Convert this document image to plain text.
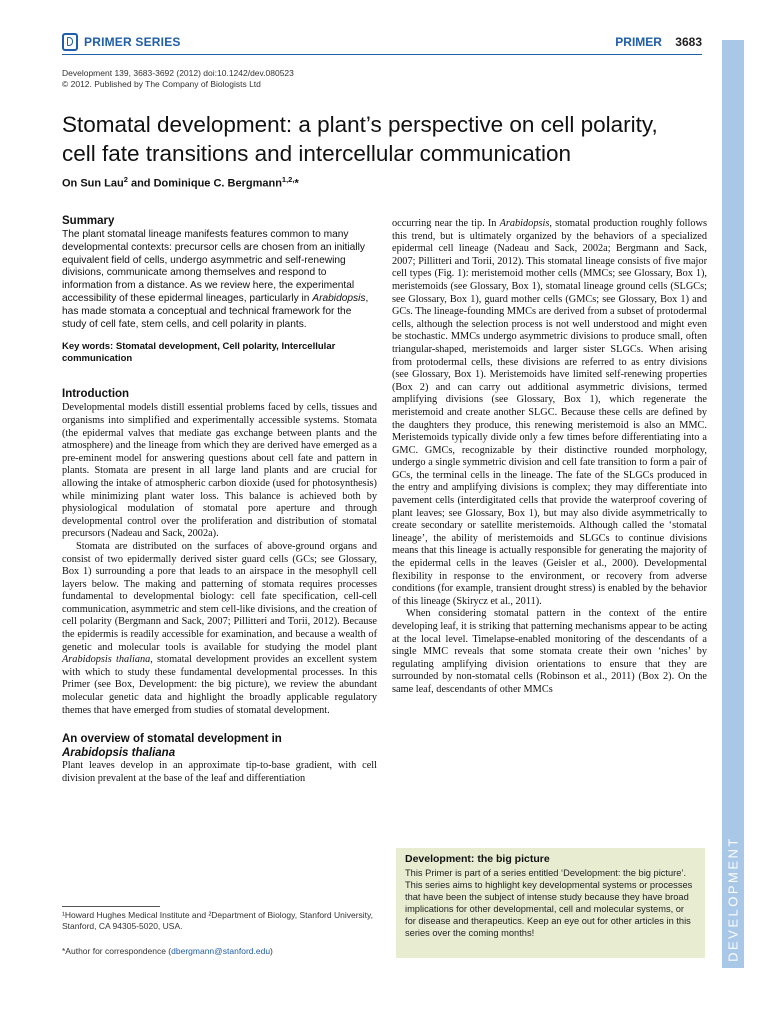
PRIMER SERIES	PRIMER 3683
Development 139, 3683-3692 (2012) doi:10.1242/dev.080523
© 2012. Published by The Company of Biologists Ltd
Stomatal development: a plant’s perspective on cell polarity,
cell fate transitions and intercellular communication
On Sun Lau$^2$ and Dominique C. Bergmann$^{1,2,}$*
Summary

The plant stomatal lineage manifests features common to many developmental contexts: precursor cells are chosen from an initially equivalent field of cells, undergo asymmetric and self-renewing divisions, communicate among themselves and respond to information from a distance. As we review here, the experimental accessibility of these epidermal lineages, particularly in Arabidopsis, has made stomata a conceptual and technical framework for the study of cell fate, stem cells, and cell polarity in plants.

Key words: Stomatal development, Cell polarity, Intercellular communication

Introduction

Developmental models distill essential problems faced by cells, tissues and organisms into simplified and experimentally accessible systems. Stomata (the epidermal valves that mediate gas exchange between plants and the atmosphere) and the lineage from which they are derived have emerged as a pre-eminent model for answering questions about cell fate and pattern in plants. Stomata are present in all large land plants and are crucial for allowing the intake of atmospheric carbon dioxide (used for photosynthesis) while minimizing plant water loss. This balance is achieved both by physiological modulation of stomatal pore aperture and through developmental control over the proliferation and distribution of stomatal precursors (Nadeau and Sack, 2002a).

Stomata are distributed on the surfaces of above-ground organs and consist of two epidermally derived sister guard cells (GCs; see Glossary, Box 1) surrounding a pore that leads to an airspace in the mesophyll cell layers below. The making and patterning of stomata requires processes fundamental to developmental biology: cell fate specification, cell-cell communication, asymmetric and stem cell-like divisions, and the creation of cell polarity (Bergmann and Sack, 2007; Pillitteri and Torii, 2012). Because the epidermis is readily accessible for examination, and because a wealth of genetic and molecular tools is available for studying the model plant Arabidopsis thaliana, stomatal development provides an excellent system with which to study these fundamental developmental processes. In this Primer (see Box, Development: the big picture), we review the abundant molecular genetic data and highlight the broadly applicable regulatory themes that have emerged from studies of stomatal development.

An overview of stomatal development in
Arabidopsis thaliana

Plant leaves develop in an approximate tip-to-base gradient, with cell division prevalent at the base of the leaf and differentiation

¹Howard Hughes Medical Institute and ²Department of Biology, Stanford University, Stanford, CA 94305-5020, USA.
*Author for correspondence (dbergmann@stanford.edu)

occurring near the tip. In Arabidopsis, stomatal production roughly follows this trend, but is ultimately organized by the behaviors of a specialized epidermal cell lineage (Nadeau and Sack, 2002a; Bergmann and Sack, 2007; Pillitteri and Torii, 2012). This stomatal lineage consists of five major cell types (Fig. 1): meristemoid mother cells (MMCs; see Glossary, Box 1), meristemoids (see Glossary, Box 1), stomatal lineage ground cells (SLGCs; see Glossary, Box 1), guard mother cells (GMCs; see Glossary, Box 1) and GCs. The lineage-founding MMCs are derived from a subset of protodermal cells, although the selection process is not well understood and might even be stochastic. MMCs undergo asymmetric divisions to produce small, often triangular-shaped, meristemoids and larger sister SLGCs. When arising from protodermal cells, these divisions are referred to as entry divisions (see Glossary, Box 1). Meristemoids have limited self-renewing properties (Box 2) and can carry out additional asymmetric divisions, termed amplifying divisions (see Glossary, Box 1), which regenerate the meristemoid and create another SLGC. Because these cells are defined by the daughters they produce, this renewing meristemoid is also an MMC. Meristemoids typically divide only a few times before differentiating into a GMC. GMCs, recognizable by their distinctive rounded morphology, undergo a single symmetric division and cell fate transition to form a pair of GCs, the terminal cells in the lineage. The fate of the SLGCs produced in the entry and amplifying divisions is complex; they may differentiate into pavement cells (interdigitated cells that provide the waterproof covering of plant leaves; see Glossary, Box 1), but may also divide asymmetrically to create secondary or satellite meristemoids. Although called the ‘stomatal lineage’, the ability of meristemoids and SLGCs to continue divisions means that this lineage is actually responsible for generating the majority of the epidermal cells in the leaves (Geisler et al., 2000). Developmental flexibility in response to the environment, or recovery from adverse conditions (for example, transient drought stress) is enabled by the behavior of this lineage (Skirycz et al., 2011).

When considering stomatal pattern in the context of the entire developing leaf, it is striking that patterning mechanisms appear to be acting at the local level. Timelapse-enabled monitoring of the descendants of a single MMC reveals that some stomata create their own ‘niches’ by regulating amplifying division orientations to ensure that they are surrounded by non-stomatal cells (Robinson et al., 2011) (Box 2). On the same leaf, descendants of other MMCs

Development: the big picture
This Primer is part of a series entitled ‘Development: the big picture’. This series aims to highlight key developmental systems or processes that have been the subject of intense study because they have broad implications for other developmental, cell and molecular systems, or for disease and therapeutics. Keep an eye out for other articles in this series over the coming months!	DEVELOPMENT
